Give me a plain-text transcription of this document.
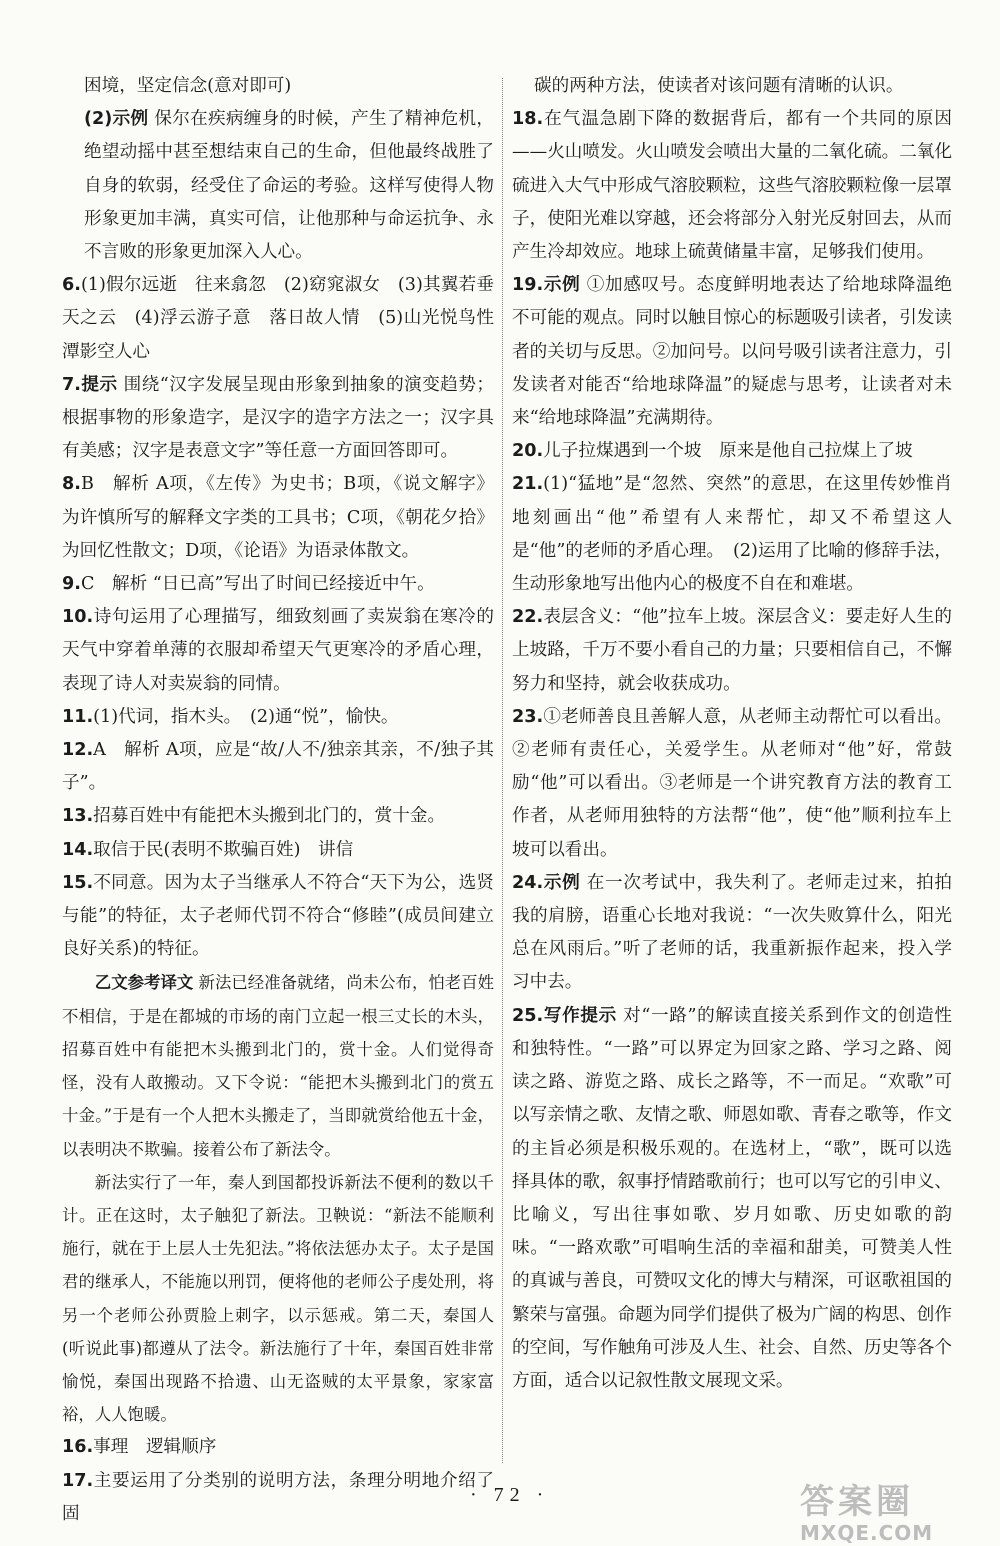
困境，坚定信念(意对即可)

(2)示例 保尔在疾病缠身的时候，产生了精神危机，绝望动摇中甚至想结束自己的生命，但他最终战胜了自身的软弱，经受住了命运的考验。这样写使得人物形象更加丰满，真实可信，让他那种与命运抗争、永不言败的形象更加深入人心。

6.(1)假尔远逝　往来翕忽　(2)窈窕淑女　(3)其翼若垂天之云　(4)浮云游子意　落日故人情　(5)山光悦鸟性　潭影空人心

7.提示 围绕“汉字发展呈现由形象到抽象的演变趋势；根据事物的形象造字，是汉字的造字方法之一；汉字具有美感；汉字是表意文字”等任意一方面回答即可。

8.B　解析 A项，《左传》为史书；B项，《说文解字》为许慎所写的解释文字类的工具书；C项，《朝花夕拾》为回忆性散文；D项，《论语》为语录体散文。

9.C　解析 “日已高”写出了时间已经接近中午。

10.诗句运用了心理描写，细致刻画了卖炭翁在寒冷的天气中穿着单薄的衣服却希望天气更寒冷的矛盾心理，表现了诗人对卖炭翁的同情。

11.(1)代词，指木头。　(2)通“悦”，愉快。

12.A　解析 A项，应是“故/人不/独亲其亲，不/独子其子”。

13.招募百姓中有能把木头搬到北门的，赏十金。

14.取信于民(表明不欺骗百姓)　讲信

15.不同意。因为太子当继承人不符合“天下为公，选贤与能”的特征，太子老师代罚不符合“修睦”(成员间建立良好关系)的特征。

乙文参考译文 新法已经准备就绪，尚未公布，怕老百姓不相信，于是在都城的市场的南门立起一根三丈长的木头，招募百姓中有能把木头搬到北门的，赏十金。人们觉得奇怪，没有人敢搬动。又下令说：“能把木头搬到北门的赏五十金。”于是有一个人把木头搬走了，当即就赏给他五十金，以表明决不欺骗。接着公布了新法令。

新法实行了一年，秦人到国都投诉新法不便利的数以千计。正在这时，太子触犯了新法。卫鞅说：“新法不能顺利施行，就在于上层人士先犯法。”将依法惩办太子。太子是国君的继承人，不能施以刑罚，便将他的老师公子虔处刑，将另一个老师公孙贾脸上刺字，以示惩戒。第二天，秦国人(听说此事)都遵从了法令。新法施行了十年，秦国百姓非常愉悦，秦国出现路不拾遗、山无盗贼的太平景象，家家富裕，人人饱暖。

16.事理　逻辑顺序

17.主要运用了分类别的说明方法，条理分明地介绍了固

碳的两种方法，使读者对该问题有清晰的认识。

18.在气温急剧下降的数据背后，都有一个共同的原因——火山喷发。火山喷发会喷出大量的二氧化硫。二氧化硫进入大气中形成气溶胶颗粒，这些气溶胶颗粒像一层罩子，使阳光难以穿越，还会将部分入射光反射回去，从而产生冷却效应。地球上硫黄储量丰富，足够我们使用。

19.示例 ①加感叹号。态度鲜明地表达了给地球降温绝不可能的观点。同时以触目惊心的标题吸引读者，引发读者的关切与反思。②加问号。以问号吸引读者注意力，引发读者对能否“给地球降温”的疑虑与思考，让读者对未来“给地球降温”充满期待。

20.儿子拉煤遇到一个坡　原来是他自己拉煤上了坡

21.(1)“猛地”是“忽然、突然”的意思，在这里传妙惟肖地刻画出“他”希望有人来帮忙，却又不希望这人是“他”的老师的矛盾心理。　(2)运用了比喻的修辞手法，生动形象地写出他内心的极度不自在和难堪。

22.表层含义：“他”拉车上坡。深层含义：要走好人生的上坡路，千万不要小看自己的力量；只要相信自己，不懈努力和坚持，就会收获成功。

23.①老师善良且善解人意，从老师主动帮忙可以看出。②老师有责任心，关爱学生。从老师对“他”好，常鼓励“他”可以看出。③老师是一个讲究教育方法的教育工作者，从老师用独特的方法帮“他”，使“他”顺利拉车上坡可以看出。

24.示例 在一次考试中，我失利了。老师走过来，拍拍我的肩膀，语重心长地对我说：“一次失败算什么，阳光总在风雨后。”听了老师的话，我重新振作起来，投入学习中去。

25.写作提示 对“一路”的解读直接关系到作文的创造性和独特性。“一路”可以界定为回家之路、学习之路、阅读之路、游览之路、成长之路等，不一而足。“欢歌”可以写亲情之歌、友情之歌、师恩如歌、青春之歌等，作文的主旨必须是积极乐观的。在选材上，“歌”，既可以选择具体的歌，叙事抒情踏歌前行；也可以写它的引申义、比喻义，写出往事如歌、岁月如歌、历史如歌的韵味。“一路欢歌”可唱响生活的幸福和甜美，可赞美人性的真诚与善良，可赞叹文化的博大与精深，可讴歌祖国的繁荣与富强。命题为同学们提供了极为广阔的构思、创作的空间，写作触角可涉及人生、社会、自然、历史等各个方面，适合以记叙性散文展现文采。

· 72 ·	答案圈
MXQE.COM
